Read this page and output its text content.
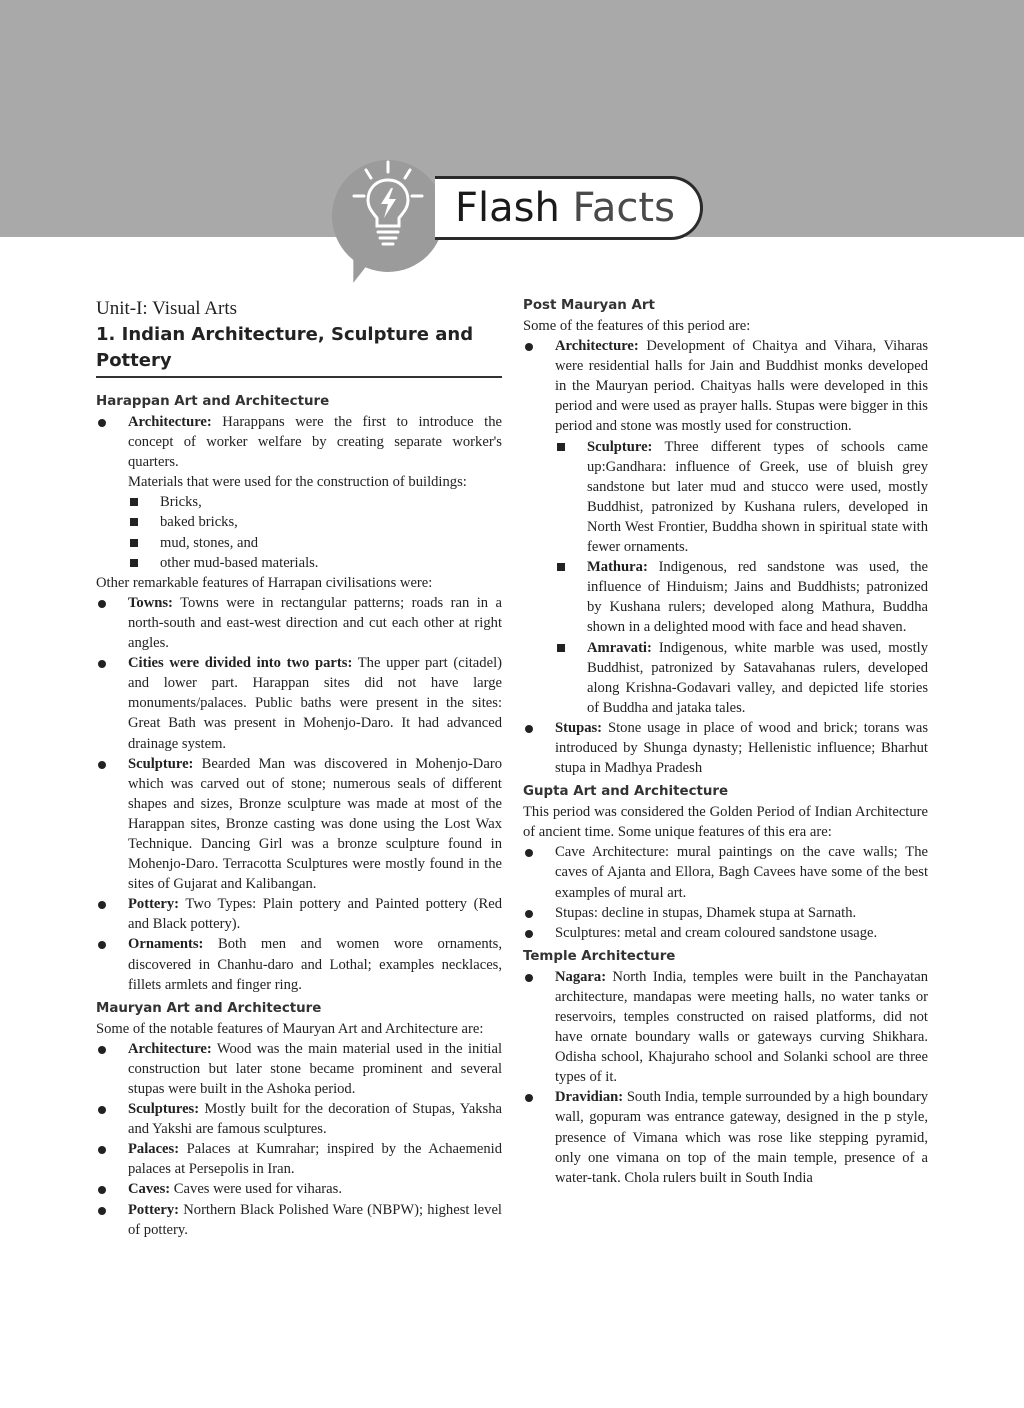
Flash Facts
Unit-I: Visual Arts
1. Indian Architecture, Sculpture and Pottery
Harappan Art and Architecture
Architecture: Harappans were the first to introduce the concept of worker welfare by creating separate worker's quarters.
Materials that were used for the construction of buildings:
Bricks,
baked bricks,
mud, stones, and
other mud-based materials.
Other remarkable features of Harrapan civilisations were:
Towns: Towns were in rectangular patterns; roads ran in a north-south and east-west direction and cut each other at right angles.
Cities were divided into two parts: The upper part (citadel) and lower part. Harappan sites did not have large monuments/palaces. Public baths were present in the sites: Great Bath was present in Mohenjo-Daro. It had advanced drainage system.
Sculpture: Bearded Man was discovered in Mohenjo-Daro which was carved out of stone; numerous seals of different shapes and sizes, Bronze sculpture was made at most of the Harappan sites, Bronze casting was done using the Lost Wax Technique. Dancing Girl was a bronze sculpture found in Mohenjo-Daro. Terracotta Sculptures were mostly found in the sites of Gujarat and Kalibangan.
Pottery: Two Types: Plain pottery and Painted pottery (Red and Black pottery).
Ornaments: Both men and women wore ornaments, discovered in Chanhu-daro and Lothal; examples necklaces, fillets armlets and finger ring.
Mauryan Art and Architecture
Some of the notable features of Mauryan Art and Architecture are:
Architecture: Wood was the main material used in the initial construction but later stone became prominent and several stupas were built in the Ashoka period.
Sculptures: Mostly built for the decoration of Stupas, Yaksha and Yakshi are famous sculptures.
Palaces: Palaces at Kumrahar; inspired by the Achaemenid palaces at Persepolis in Iran.
Caves: Caves were used for viharas.
Pottery: Northern Black Polished Ware (NBPW); highest level of pottery.
Post Mauryan Art
Some of the features of this period are:
Architecture: Development of Chaitya and Vihara, Viharas were residential halls for Jain and Buddhist monks developed in the Mauryan period. Chaityas halls were developed in this period and were used as prayer halls. Stupas were bigger in this period and stone was mostly used for construction.
Sculpture: Three different types of schools came up:Gandhara: influence of Greek, use of bluish grey sandstone but later mud and stucco were used, mostly Buddhist, patronized by Kushana rulers, developed in North West Frontier, Buddha shown in spiritual state with fewer ornaments.
Mathura: Indigenous, red sandstone was used, the influence of Hinduism; Jains and Buddhists; patronized by Kushana rulers; developed along Mathura, Buddha shown in a delighted mood with face and head shaven.
Amravati: Indigenous, white marble was used, mostly Buddhist, patronized by Satavahanas rulers, developed along Krishna-Godavari valley, and depicted life stories of Buddha and jataka tales.
Stupas: Stone usage in place of wood and brick; torans was introduced by Shunga dynasty; Hellenistic influence; Bharhut stupa in Madhya Pradesh
Gupta Art and Architecture
This period was considered the Golden Period of Indian Architecture of ancient time. Some unique features of this era are:
Cave Architecture: mural paintings on the cave walls; The caves of Ajanta and Ellora, Bagh Cavees have some of the best examples of mural art.
Stupas: decline in stupas, Dhamek stupa at Sarnath.
Sculptures: metal and cream coloured sandstone usage.
Temple Architecture
Nagara: North India, temples were built in the Panchayatan architecture, mandapas were meeting halls, no water tanks or reservoirs, temples constructed on raised platforms, did not have ornate boundary walls or gateways curving Shikhara. Odisha school, Khajuraho school and Solanki school are three types of it.
Dravidian: South India, temple surrounded by a high boundary wall, gopuram was entrance gateway, designed in the p style, presence of Vimana which was rose like stepping pyramid, only one vimana on top of the main temple, presence of a water-tank. Chola rulers built in South India
